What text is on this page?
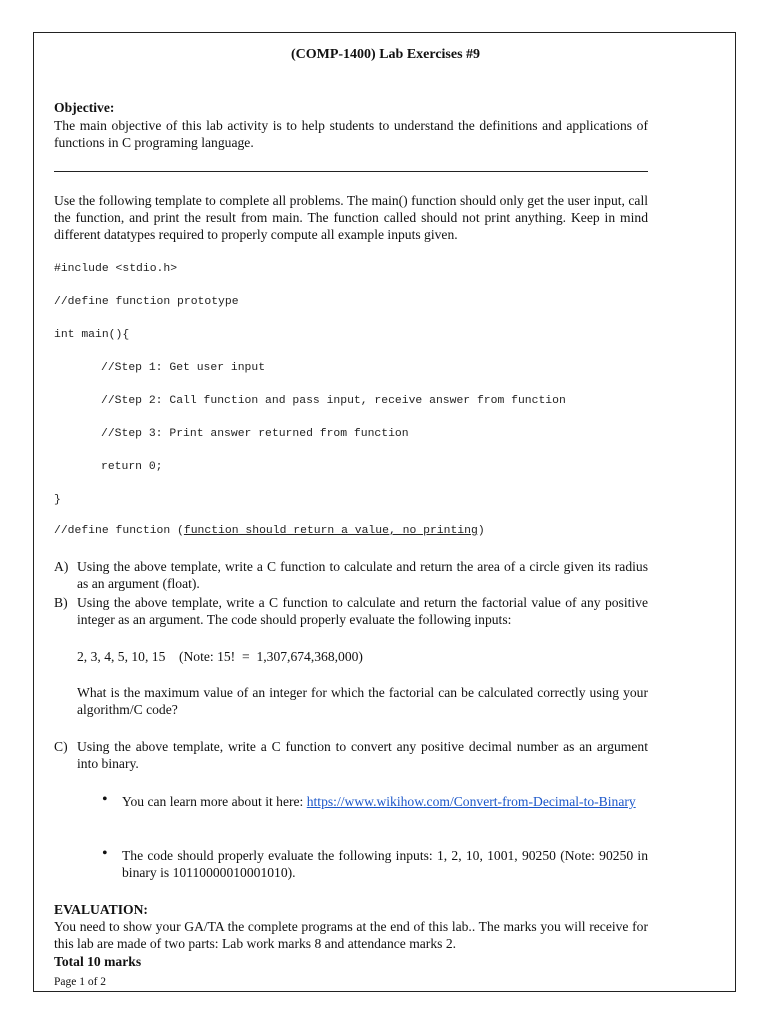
(COMP-1400) Lab Exercises #9
Objective:
The main objective of this lab activity is to help students to understand the definitions and applications of functions in C programing language.
Use the following template to complete all problems. The main() function should only get the user input, call the function, and print the result from main. The function called should not print anything. Keep in mind different datatypes required to properly compute all example inputs given.
#include <stdio.h>
//define function prototype
int main(){
//Step 1: Get user input
//Step 2: Call function and pass input, receive answer from function
//Step 3: Print answer returned from function
return 0;
}
//define function (function should return a value, no printing)
A) Using the above template, write a C function to calculate and return the area of a circle given its radius as an argument (float).
B) Using the above template, write a C function to calculate and return the factorial value of any positive integer as an argument. The code should properly evaluate the following inputs:
2, 3, 4, 5, 10, 15    (Note: 15!  =  1,307,674,368,000)
What is the maximum value of an integer for which the factorial can be calculated correctly using your algorithm/C code?
C) Using the above template, write a C function to convert any positive decimal number as an argument into binary.
• You can learn more about it here: https://www.wikihow.com/Convert-from-Decimal-to-Binary
• The code should properly evaluate the following inputs: 1, 2, 10, 1001, 90250 (Note: 90250 in binary is 10110000010001010).
EVALUATION:
You need to show your GA/TA the complete programs at the end of this lab.. The marks you will receive for this lab are made of two parts: Lab work marks 8 and attendance marks 2.
Total 10 marks
Page 1 of 2
